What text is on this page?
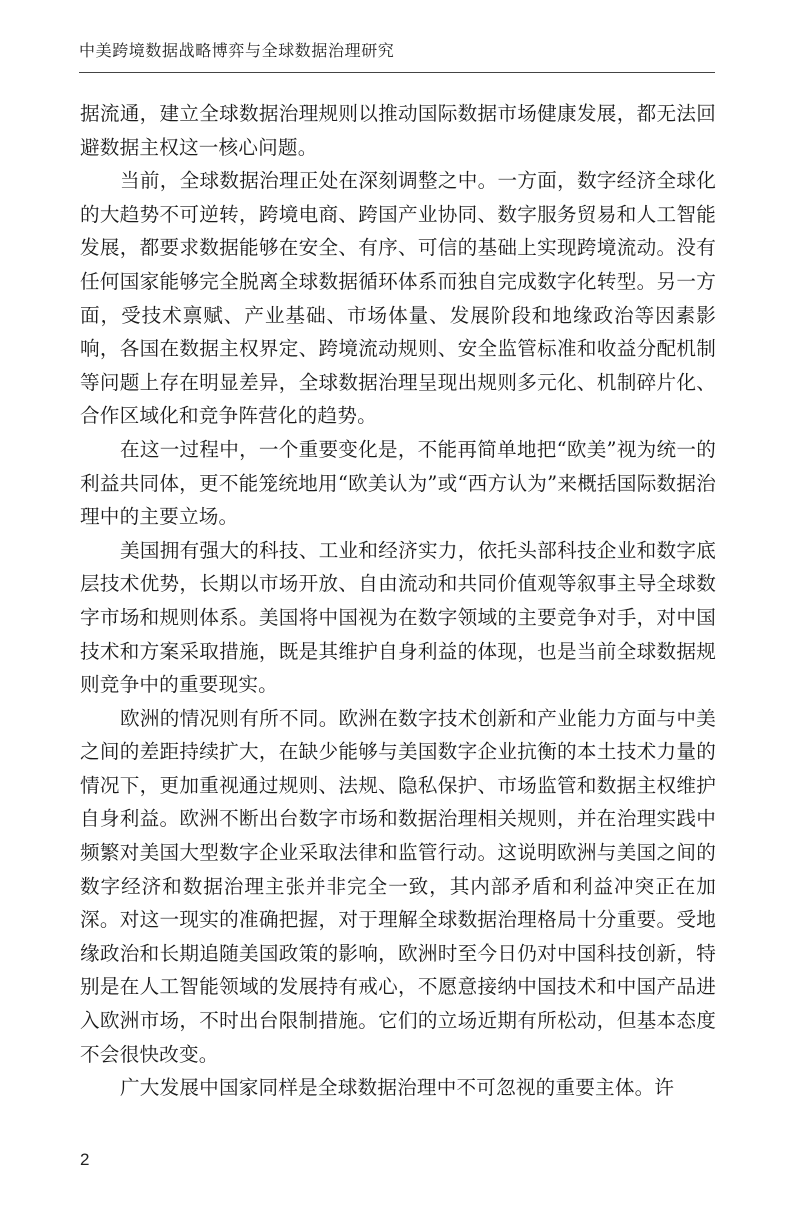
中美跨境数据战略博弈与全球数据治理研究

据流通，建立全球数据治理规则以推动国际数据市场健康发展，都无法回避数据主权这一核心问题。

当前，全球数据治理正处在深刻调整之中。一方面，数字经济全球化的大趋势不可逆转，跨境电商、跨国产业协同、数字服务贸易和人工智能发展，都要求数据能够在安全、有序、可信的基础上实现跨境流动。没有任何国家能够完全脱离全球数据循环体系而独自完成数字化转型。另一方面，受技术禀赋、产业基础、市场体量、发展阶段和地缘政治等因素影响，各国在数据主权界定、跨境流动规则、安全监管标准和收益分配机制等问题上存在明显差异，全球数据治理呈现出规则多元化、机制碎片化、合作区域化和竞争阵营化的趋势。

在这一过程中，一个重要变化是，不能再简单地把“欧美”视为统一的利益共同体，更不能笼统地用“欧美认为”或“西方认为”来概括国际数据治理中的主要立场。

美国拥有强大的科技、工业和经济实力，依托头部科技企业和数字底层技术优势，长期以市场开放、自由流动和共同价值观等叙事主导全球数字市场和规则体系。美国将中国视为在数字领域的主要竞争对手，对中国技术和方案采取措施，既是其维护自身利益的体现，也是当前全球数据规则竞争中的重要现实。

欧洲的情况则有所不同。欧洲在数字技术创新和产业能力方面与中美之间的差距持续扩大，在缺少能够与美国数字企业抗衡的本土技术力量的情况下，更加重视通过规则、法规、隐私保护、市场监管和数据主权维护自身利益。欧洲不断出台数字市场和数据治理相关规则，并在治理实践中频繁对美国大型数字企业采取法律和监管行动。这说明欧洲与美国之间的数字经济和数据治理主张并非完全一致，其内部矛盾和利益冲突正在加深。对这一现实的准确把握，对于理解全球数据治理格局十分重要。受地缘政治和长期追随美国政策的影响，欧洲时至今日仍对中国科技创新，特别是在人工智能领域的发展持有戒心，不愿意接纳中国技术和中国产品进入欧洲市场，不时出台限制措施。它们的立场近期有所松动，但基本态度不会很快改变。

广大发展中国家同样是全球数据治理中不可忽视的重要主体。许

2
